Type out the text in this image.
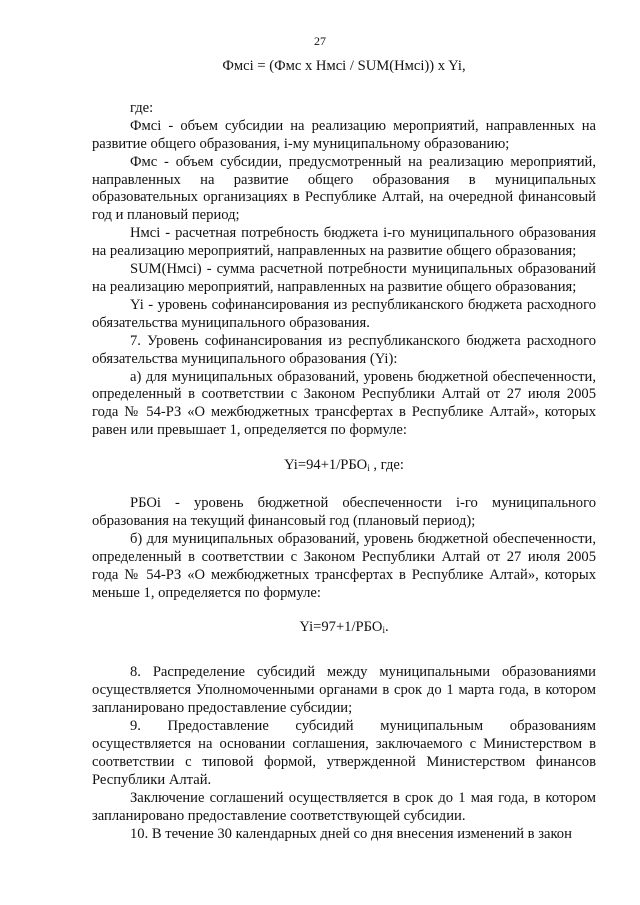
27

Фмсi = (Фмс x Нмсi / SUM(Нмсi)) x Yi,

где:

Фмсi - объем субсидии на реализацию мероприятий, направленных на развитие общего образования, i-му муниципальному образованию;

Фмс - объем субсидии, предусмотренный на реализацию мероприятий, направленных на развитие общего образования в муниципальных образовательных организациях в Республике Алтай, на очередной финансовый год и плановый период;

Нмсi - расчетная потребность бюджета i-го муниципального образования на реализацию мероприятий, направленных на развитие общего образования;

SUM(Нмсi) - сумма расчетной потребности муниципальных образований на реализацию мероприятий, направленных на развитие общего образования;

Yi - уровень софинансирования из республиканского бюджета расходного обязательства муниципального образования.

7. Уровень софинансирования из республиканского бюджета расходного обязательства муниципального образования (Yi):

а) для муниципальных образований, уровень бюджетной обеспеченности, определенный в соответствии с Законом Республики Алтай от 27 июля 2005 года № 54-РЗ «О межбюджетных трансфертах в Республике Алтай», которых равен или превышает 1, определяется по формуле:

$Yi=94+1/РБО_i$ , где:

РБОi - уровень бюджетной обеспеченности i-го муниципального образования на текущий финансовый год (плановый период);

б) для муниципальных образований, уровень бюджетной обеспеченности, определенный в соответствии с Законом Республики Алтай от 27 июля 2005 года № 54-РЗ «О межбюджетных трансфертах в Республике Алтай», которых меньше 1, определяется по формуле:

$Yi=97+1/РБО_i$.

8. Распределение субсидий между муниципальными образованиями осуществляется Уполномоченными органами в срок до 1 марта года, в котором запланировано предоставление субсидии;

9. Предоставление субсидий муниципальным образованиям осуществляется на основании соглашения, заключаемого с Министерством в соответствии с типовой формой, утвержденной Министерством финансов Республики Алтай.

Заключение соглашений осуществляется в срок до 1 мая года, в котором запланировано предоставление соответствующей субсидии.

10. В течение 30 календарных дней со дня внесения изменений в закон
